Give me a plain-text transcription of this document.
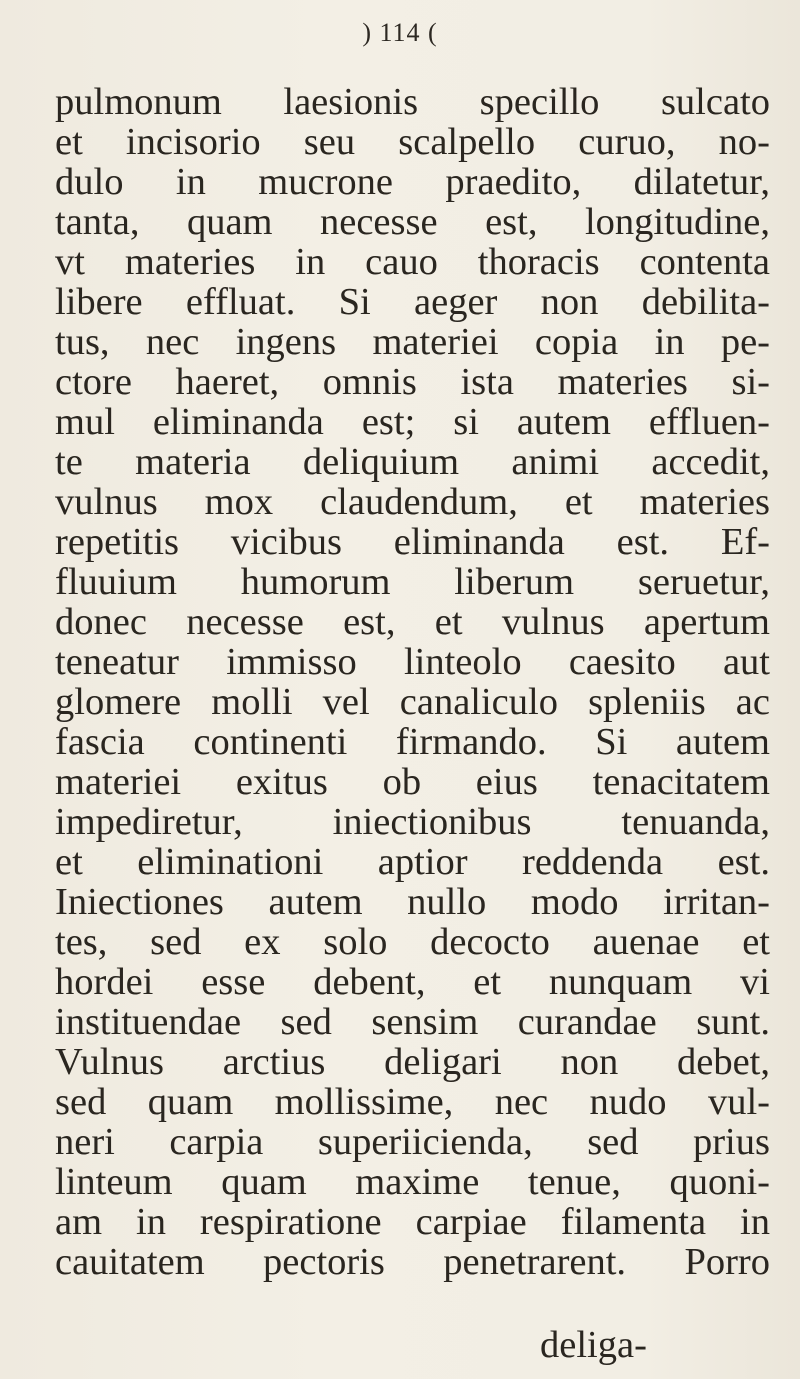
) 114 (
pulmonum laesionis specillo sulcato
et incisorio seu scalpello curuo, no-
dulo in mucrone praedito, dilatetur,
tanta, quam necesse est, longitudine,
vt materies in cauo thoracis contenta
libere effluat. Si aeger non debilita-
tus, nec ingens materiei copia in pe-
ctore haeret, omnis ista materies si-
mul eliminanda est; si autem effluen-
te materia deliquium animi accedit,
vulnus mox claudendum, et materies
repetitis vicibus eliminanda est. Ef-
fluuium humorum liberum seruetur,
donec necesse est, et vulnus apertum
teneatur immisso linteolo caesito aut
glomere molli vel canaliculo spleniis ac
fascia continenti firmando. Si autem
materiei exitus ob eius tenacitatem
impediretur, iniectionibus tenuanda,
et eliminationi aptior reddenda est.
Iniectiones autem nullo modo irritan-
tes, sed ex solo decocto auenae et
hordei esse debent, et nunquam vi
instituendae sed sensim curandae sunt.
Vulnus arctius deligari non debet,
sed quam mollissime, nec nudo vul-
neri carpia superiicienda, sed prius
linteum quam maxime tenue, quoni-
am in respiratione carpiae filamenta in
cauitatem pectoris penetrarent. Porro
deliga-
